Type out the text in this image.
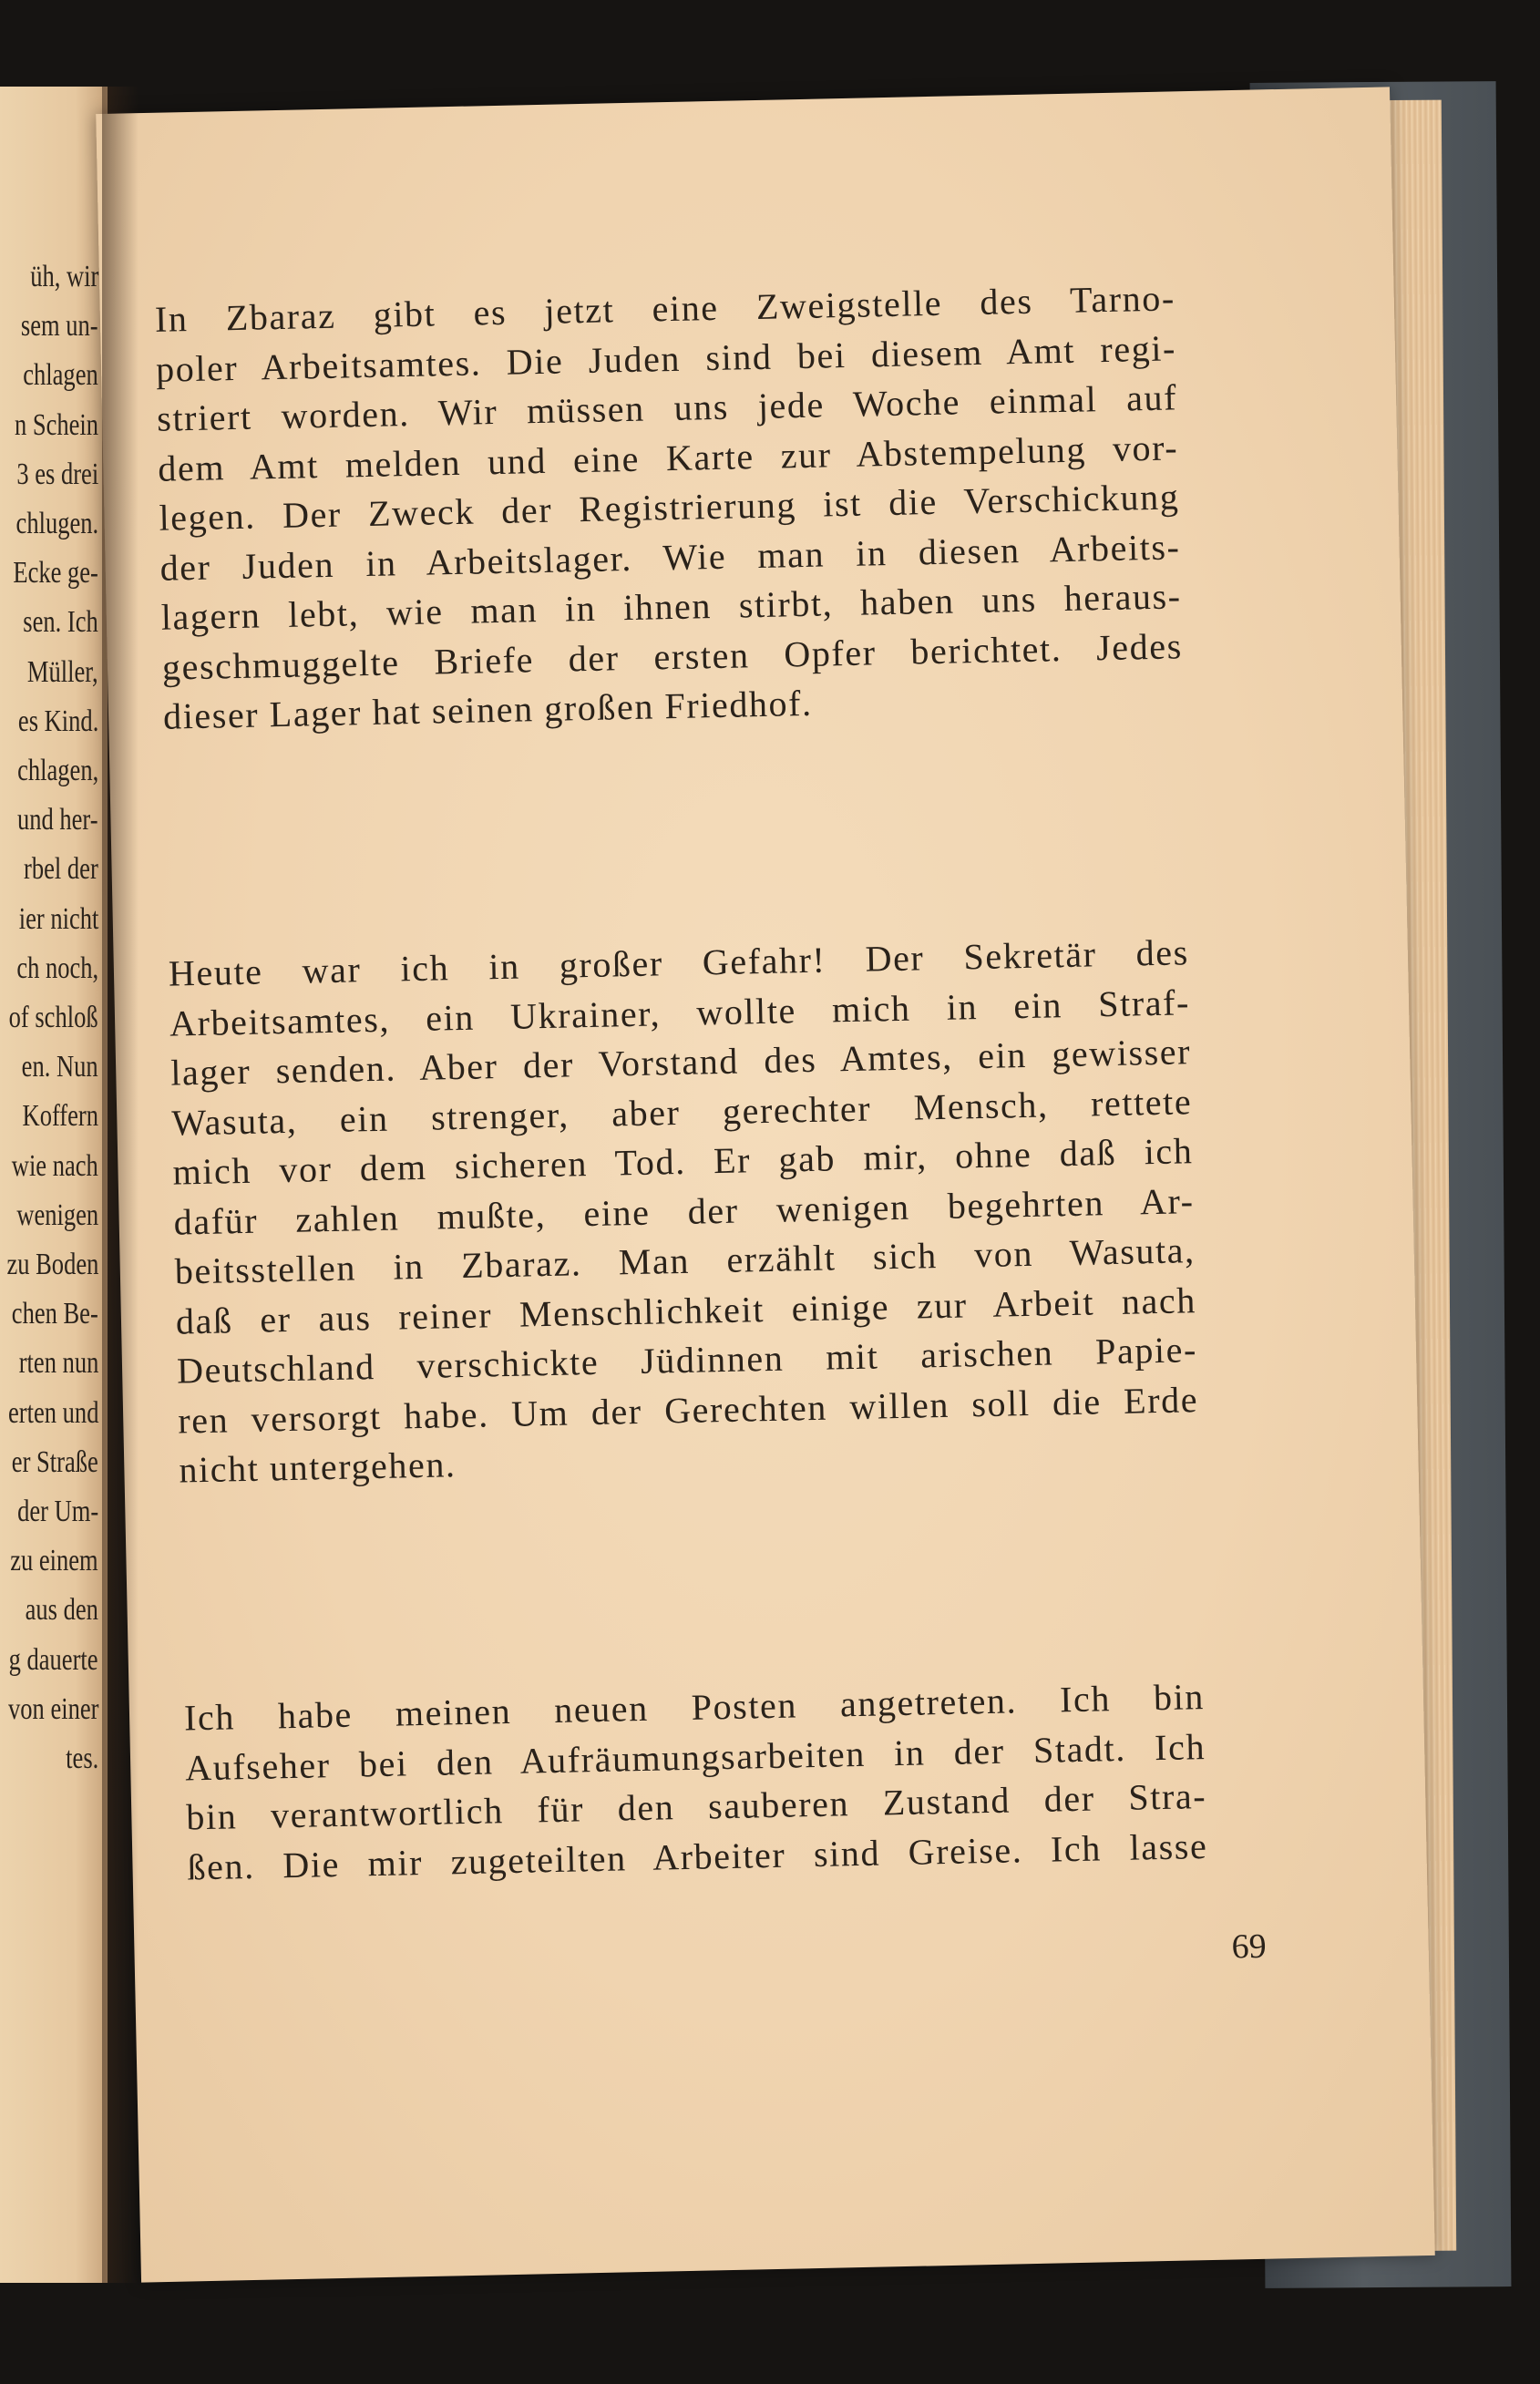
üh, wir
sem un-
chlagen
n Schein
3 es drei
chlugen.
Ecke ge-
sen. Ich
Müller,
es Kind.
chlagen,
und her-
rbel der
ier nicht
ch noch,
of schloß
en. Nun
Koffern
wie nach
wenigen
zu Boden
chen Be-
rten nun
erten und
er Straße
der Um-
zu einem
aus den
g dauerte
von einer
tes.
In Zbaraz gibt es jetzt eine Zweigstelle des Tarno-
poler Arbeitsamtes. Die Juden sind bei diesem Amt regi-
striert worden. Wir müssen uns jede Woche einmal auf
dem Amt melden und eine Karte zur Abstempelung vor-
legen. Der Zweck der Registrierung ist die Verschickung
der Juden in Arbeitslager. Wie man in diesen Arbeits-
lagern lebt, wie man in ihnen stirbt, haben uns heraus-
geschmuggelte Briefe der ersten Opfer berichtet. Jedes
dieser Lager hat seinen großen Friedhof.
Heute war ich in großer Gefahr! Der Sekretär des
Arbeitsamtes, ein Ukrainer, wollte mich in ein Straf-
lager senden. Aber der Vorstand des Amtes, ein gewisser
Wasuta, ein strenger, aber gerechter Mensch, rettete
mich vor dem sicheren Tod. Er gab mir, ohne daß ich
dafür zahlen mußte, eine der wenigen begehrten Ar-
beitsstellen in Zbaraz. Man erzählt sich von Wasuta,
daß er aus reiner Menschlichkeit einige zur Arbeit nach
Deutschland verschickte Jüdinnen mit arischen Papie-
ren versorgt habe. Um der Gerechten willen soll die Erde
nicht untergehen.
Ich habe meinen neuen Posten angetreten. Ich bin
Aufseher bei den Aufräumungsarbeiten in der Stadt. Ich
bin verantwortlich für den sauberen Zustand der Stra-
ßen. Die mir zugeteilten Arbeiter sind Greise. Ich lasse
69
